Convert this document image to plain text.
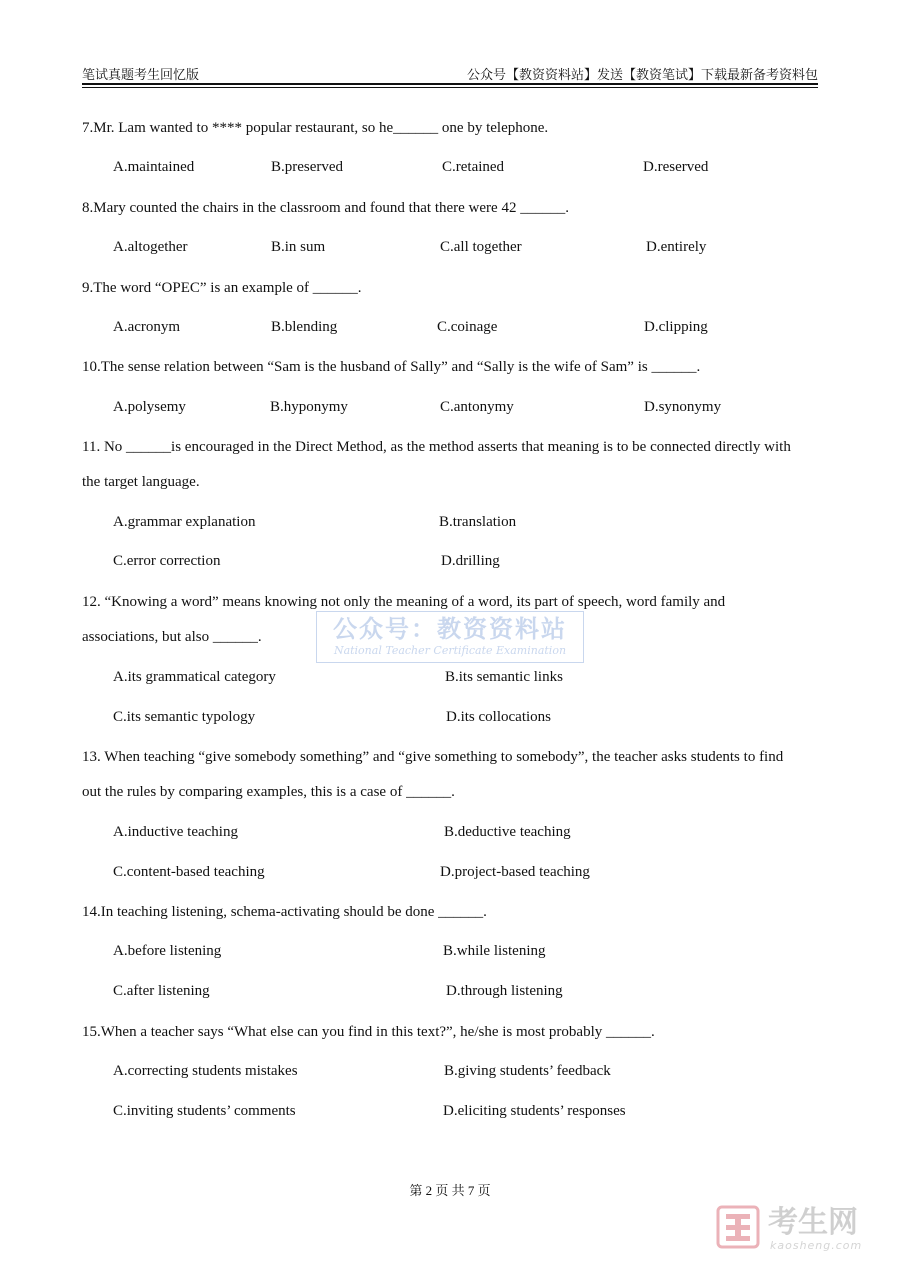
笔试真题考生回忆版	公众号【教资资料站】发送【教资笔试】下载最新备考资料包
7.Mr. Lam wanted to **** popular restaurant, so he______ one by telephone.
A.maintained	B.preserved	C.retained	D.reserved
8.Mary counted the chairs in the classroom and found that there were 42 ______.
A.altogether	B.in sum	C.all together	D.entirely
9.The word “OPEC” is an example of ______.
A.acronym	B.blending	C.coinage	D.clipping
10.The sense relation between “Sam is the husband of Sally” and “Sally is the wife of Sam” is ______.
A.polysemy	B.hyponymy	C.antonymy	D.synonymy
11. No ______is encouraged in the Direct Method, as the method asserts that meaning is to be connected directly with the target language.
A.grammar explanation	B.translation
C.error correction	D.drilling
12. “Knowing a word” means knowing not only the meaning of a word, its part of speech, word family and associations, but also ______.
A.its grammatical category	B.its semantic links
C.its semantic typology	D.its collocations
13. When teaching “give somebody something” and “give something to somebody”, the teacher asks students to find out the rules by comparing examples, this is a case of ______.
A.inductive teaching	B.deductive teaching
C.content-based teaching	D.project-based teaching
14.In teaching listening, schema-activating should be done ______.
A.before listening	B.while listening
C.after listening	D.through listening
15.When a teacher says “What else can you find in this text?”, he/she is most probably ______.
A.correcting students mistakes	B.giving students’ feedback
C.inviting students’ comments	D.eliciting students’ responses
公众号：教资资料站
National Teacher Certificate Examination
第 2 页 共 7 页
考生网
kaosheng.com
